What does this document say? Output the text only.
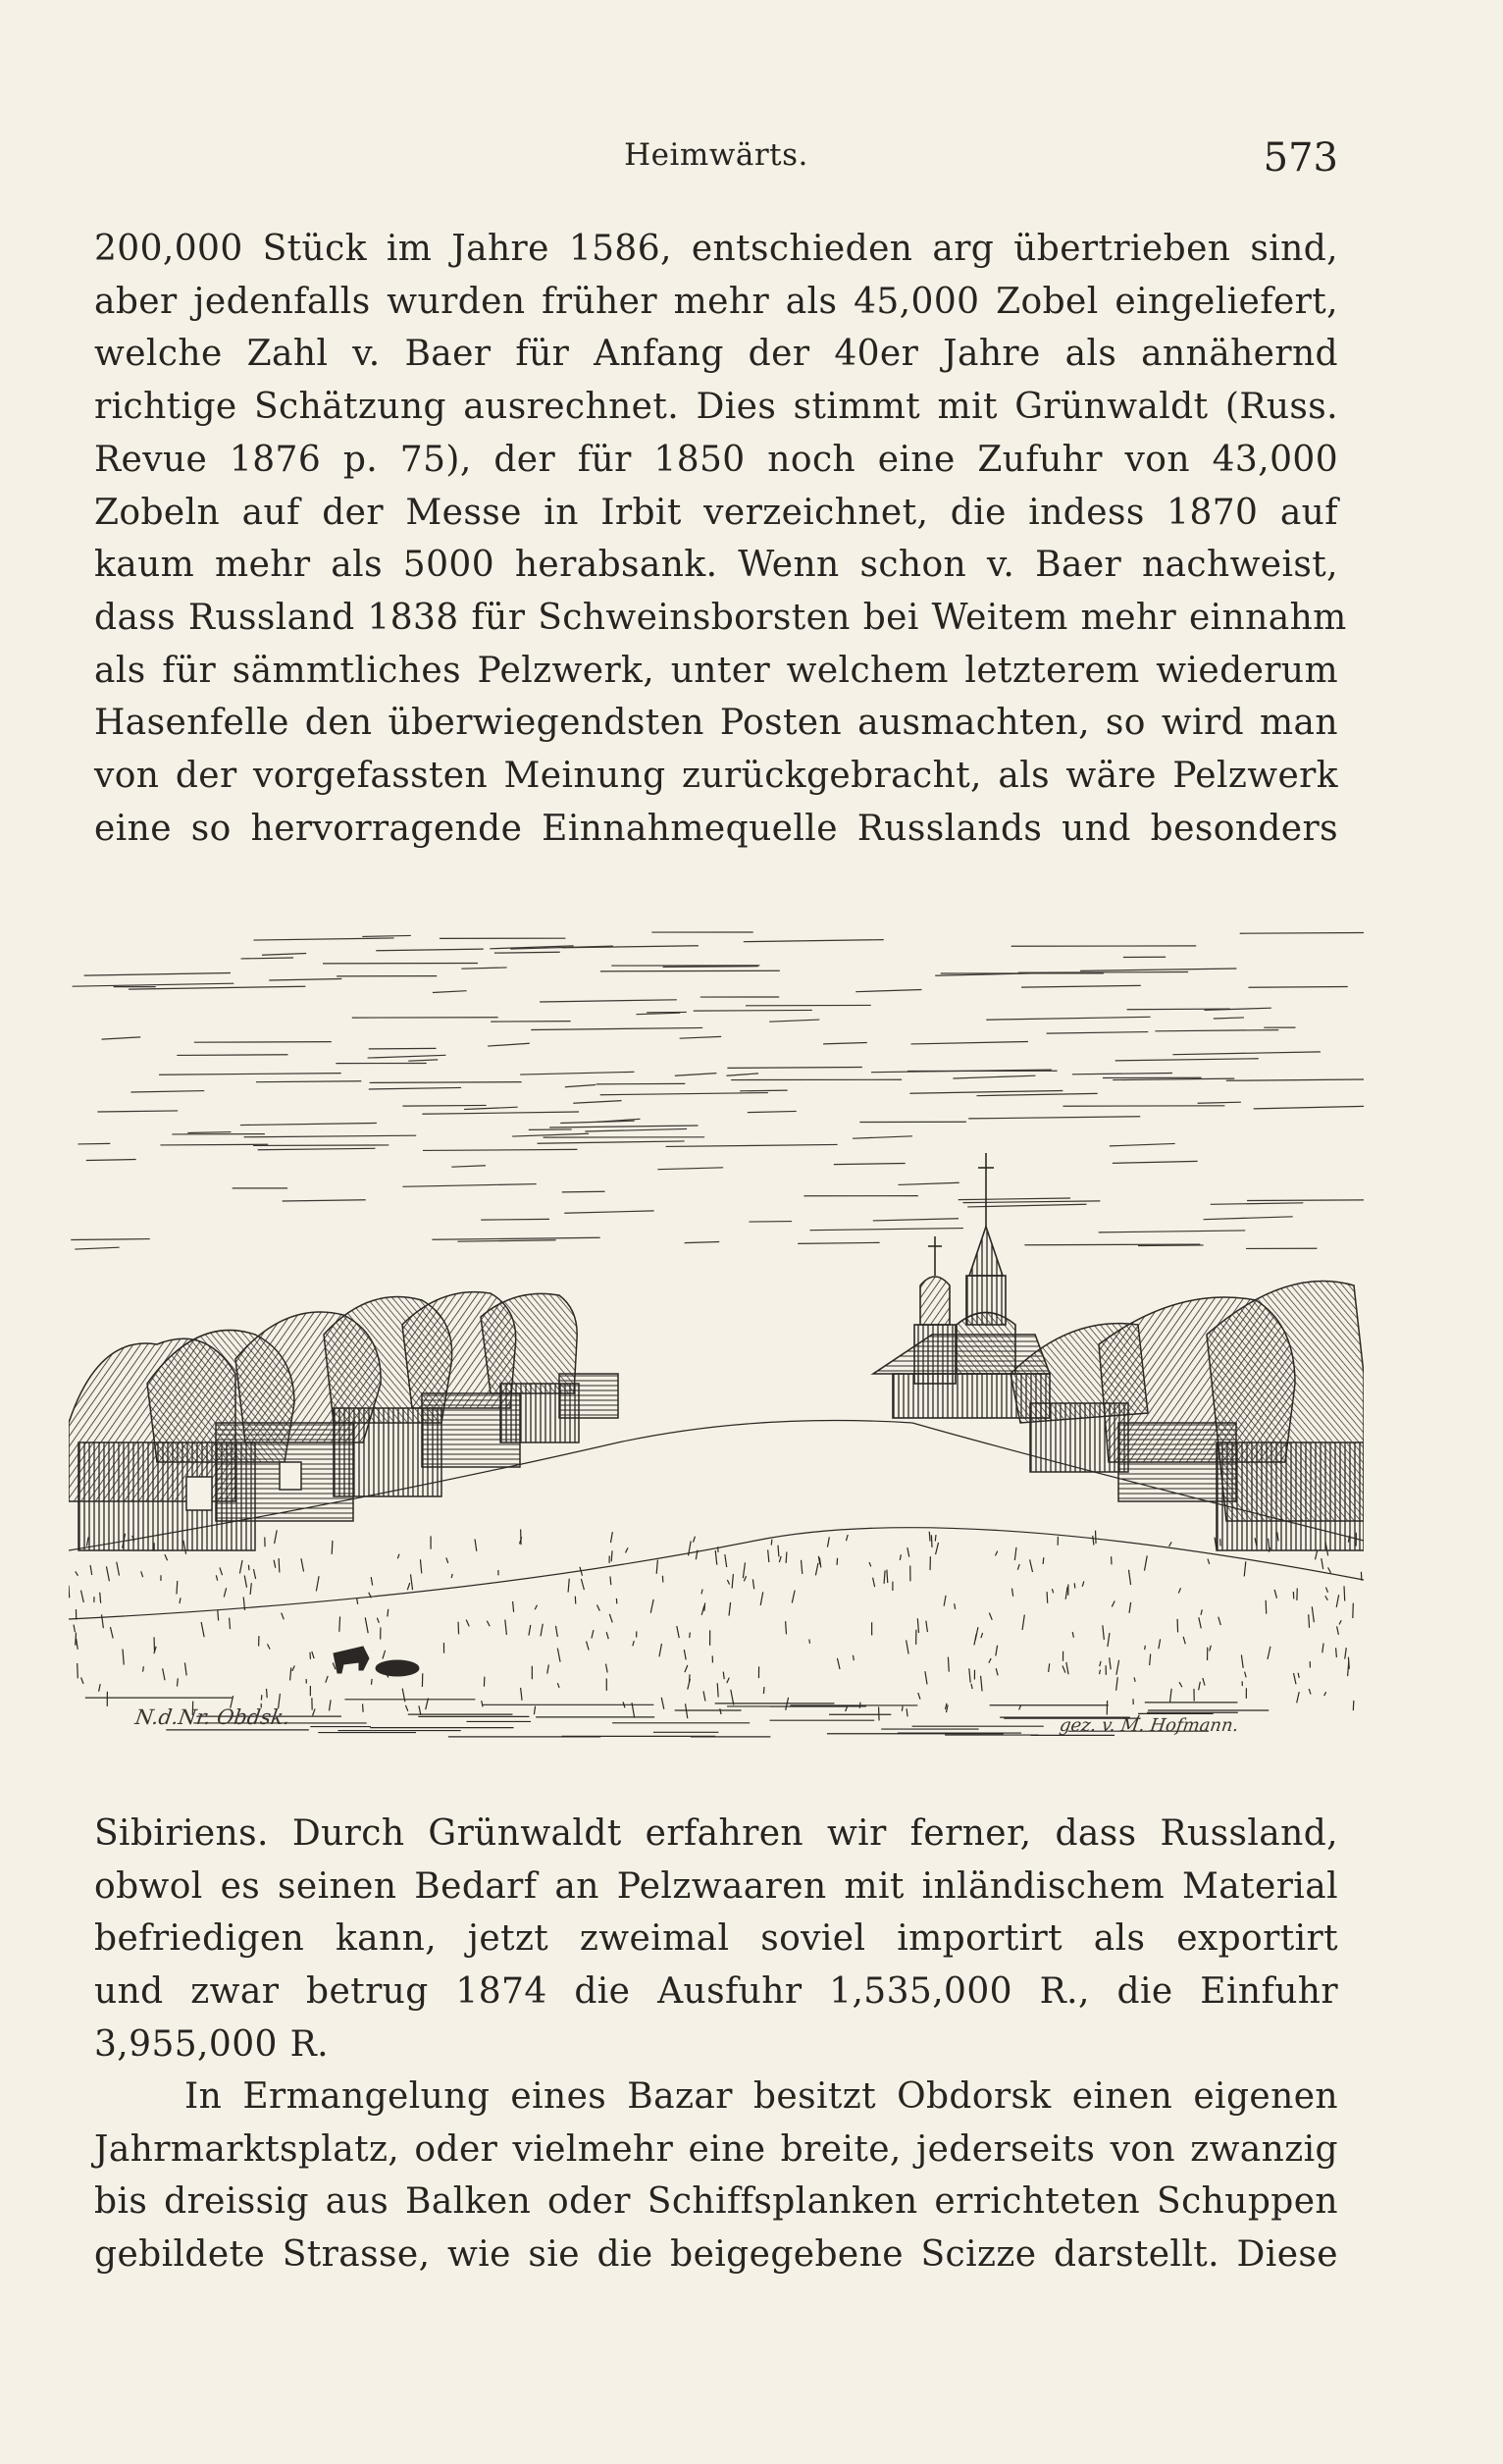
Heimwärts.	573
200,000 Stück im Jahre 1586, entschieden arg übertrieben sind,
aber jedenfalls wurden früher mehr als 45,000 Zobel eingeliefert,
welche Zahl v. Baer für Anfang der 40er Jahre als annähernd
richtige Schätzung ausrechnet. Dies stimmt mit Grünwaldt (Russ.
Revue 1876 p. 75), der für 1850 noch eine Zufuhr von 43,000
Zobeln auf der Messe in Irbit verzeichnet, die indess 1870 auf
kaum mehr als 5000 herabsank. Wenn schon v. Baer nachweist,
dass Russland 1838 für Schweinsborsten bei Weitem mehr einnahm
als für sämmtliches Pelzwerk, unter welchem letzterem wiederum
Hasenfelle den überwiegendsten Posten ausmachten, so wird man
von der vorgefassten Meinung zurückgebracht, als wäre Pelzwerk
eine so hervorragende Einnahmequelle Russlands und besonders
N.d.Nr. Obdsk.	gez. v. M. Hofmann.
Sibiriens. Durch Grünwaldt erfahren wir ferner, dass Russland,
obwol es seinen Bedarf an Pelzwaaren mit inländischem Material
befriedigen kann, jetzt zweimal soviel importirt als exportirt
und zwar betrug 1874 die Ausfuhr 1,535,000 R., die Einfuhr
3,955,000 R.
In Ermangelung eines Bazar besitzt Obdorsk einen eigenen
Jahrmarktsplatz, oder vielmehr eine breite, jederseits von zwanzig
bis dreissig aus Balken oder Schiffsplanken errichteten Schuppen
gebildete Strasse, wie sie die beigegebene Scizze darstellt. Diese
